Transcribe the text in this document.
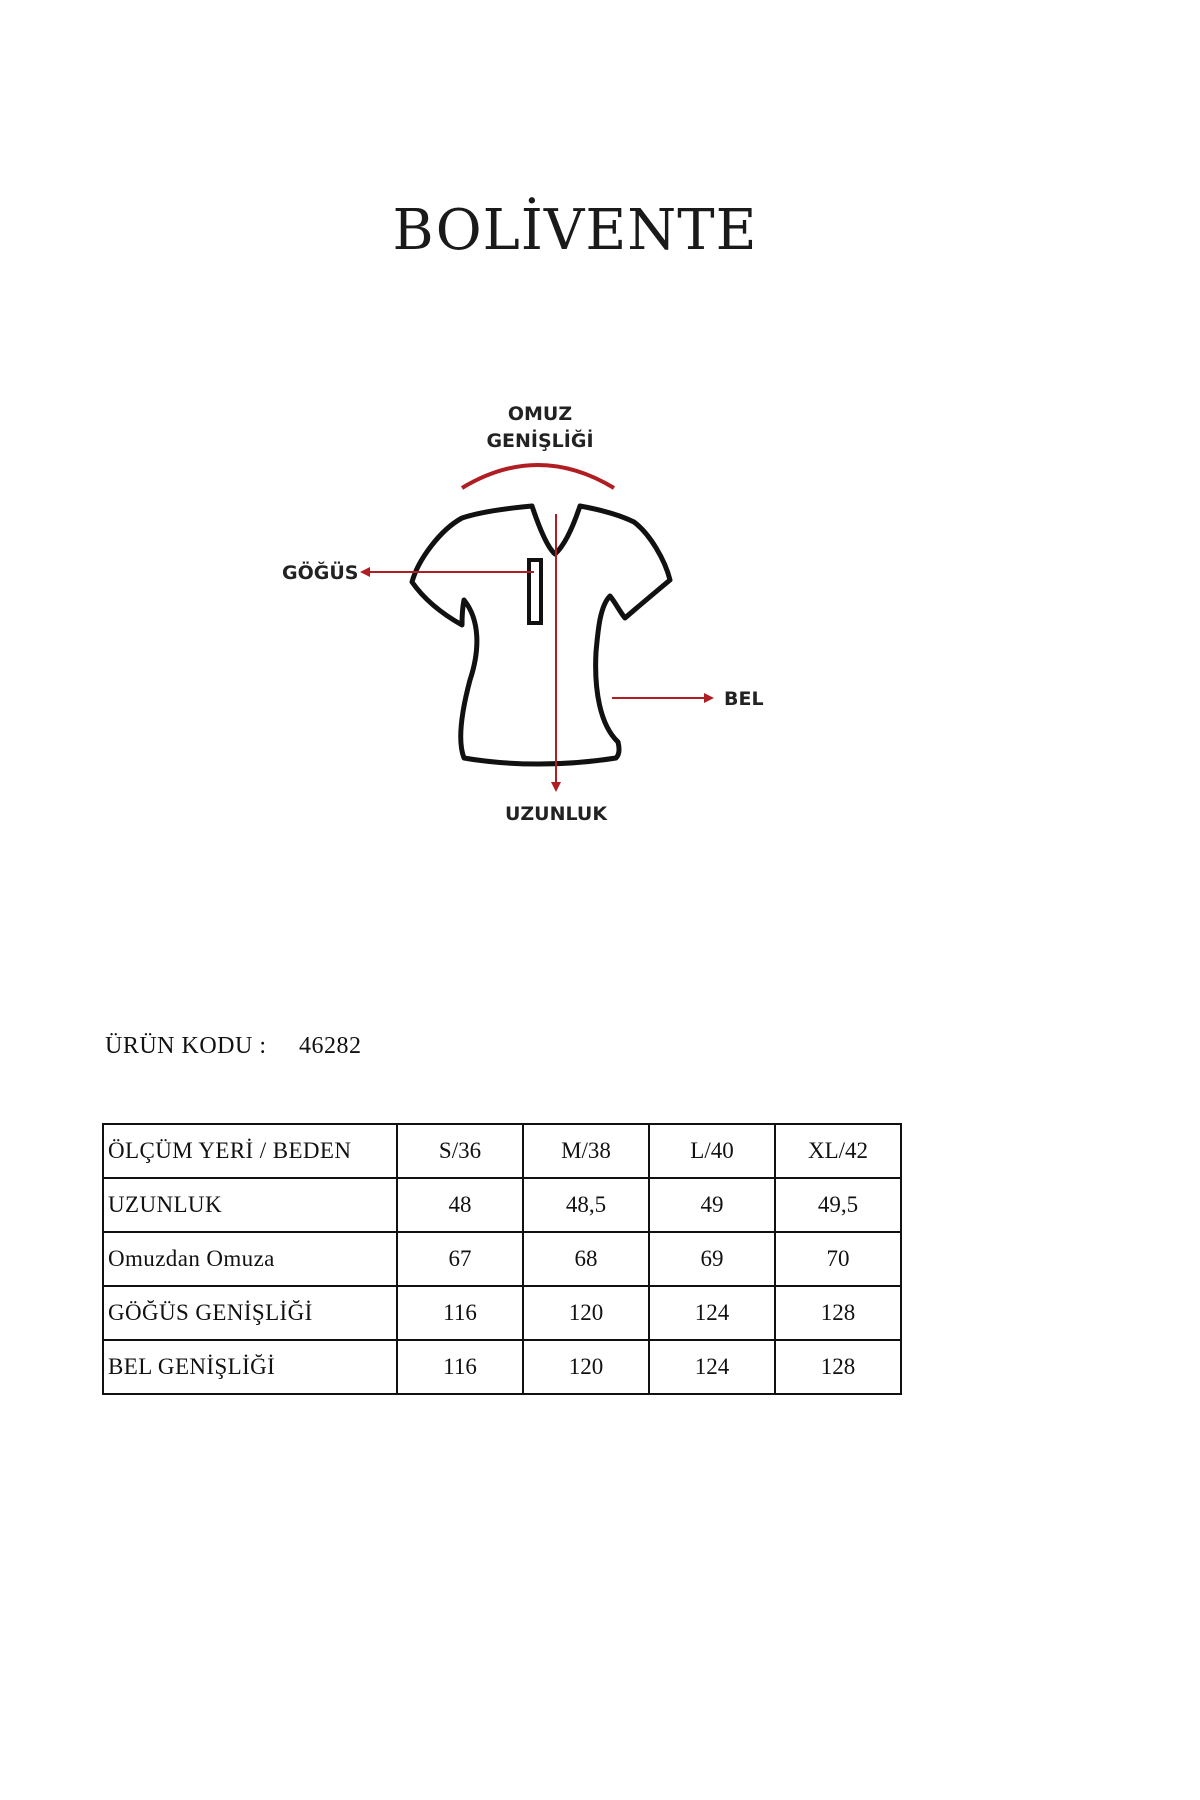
BOLİVENTE
OMUZ
GENİŞLİĞİ
GÖĞÜS
BEL
UZUNLUK
ÜRÜN KODU : 46282
ÖLÇÜM YERİ / BEDEN	S/36	M/38	L/40	XL/42
UZUNLUK	48	48,5	49	49,5
Omuzdan Omuza	67	68	69	70
GÖĞÜS GENİŞLİĞİ	116	120	124	128
BEL GENİŞLİĞİ	116	120	124	128
